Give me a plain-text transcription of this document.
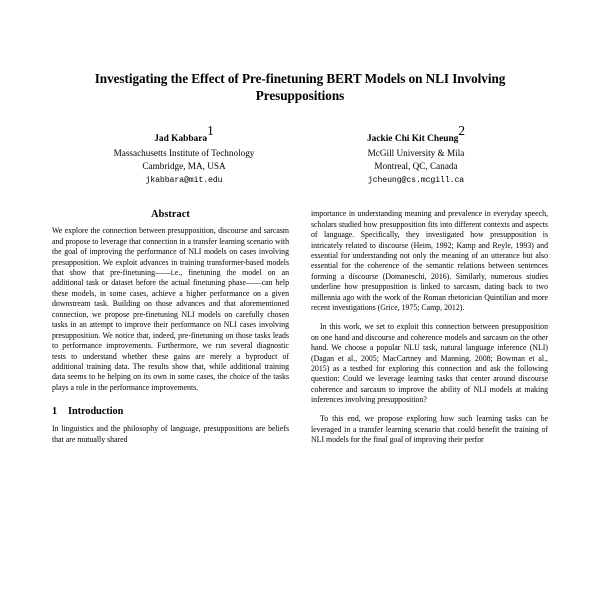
Investigating the Effect of Pre-finetuning BERT Models on NLI Involving Presuppositions
Jad Kabbara$^1$
Massachusetts Institute of Technology
Cambridge, MA, USA
jkabbara@mit.edu
Jackie Chi Kit Cheung$^2$
McGill University & Mila
Montreal, QC, Canada
jcheung@cs.mcgill.ca
Abstract

We explore the connection between presupposition, discourse and sarcasm and propose to leverage that connection in a transfer learning scenario with the goal of improving the performance of NLI models on cases involving presupposition. We exploit advances in training transformer-based models that show that pre-finetuning——i.e., finetuning the model on an additional task or dataset before the actual finetuning phase——can help these models, in some cases, achieve a higher performance on a given downstream task. Building on those advances and that aforementioned connection, we propose pre-finetuning NLI models on carefully chosen tasks in an attempt to improve their performance on NLI cases involving presupposition. We notice that, indeed, pre-finetuning on those tasks leads to performance improvements. Furthermore, we run several diagnostic tests to understand whether these gains are merely a byproduct of additional training data. The results show that, while additional training data seems to be helping on its own in some cases, the choice of the tasks plays a role in the performance improvements.

1	Introduction

In linguistics and the philosophy of language, presuppositions are beliefs that are mutually shared

importance in understanding meaning and prevalence in everyday speech, scholars studied how presupposition fits into different contexts and aspects of language. Specifically, they investigated how presupposition is intricately related to discourse (Heim, 1992; Kamp and Reyle, 1993) and essential for understanding not only the meaning of an utterance but also essential for the coherence of the semantic relations between sentences forming a discourse (Domaneschi, 2016). Similarly, numerous studies underline how presupposition is linked to sarcasm, dating back to two millennia ago with the work of the Roman rhetorician Quintilian and more recent investigations (Grice, 1975; Camp, 2012).

In this work, we set to exploit this connection between presupposition on one hand and discourse and coherence models and sarcasm on the other hand. We choose a popular NLU task, natural language inference (NLI) (Dagan et al., 2005; MacCartney and Manning, 2008; Bowman et al., 2015) as a testbed for exploring this connection and ask the following question: Could we leverage learning tasks that center around discourse coherence and sarcasm to improve the ability of NLI models at making inferences involving presupposition?

To this end, we propose exploring how such learning tasks can be leveraged in a transfer learning scenario that could benefit the training of NLI models for the final goal of improving their perfor
